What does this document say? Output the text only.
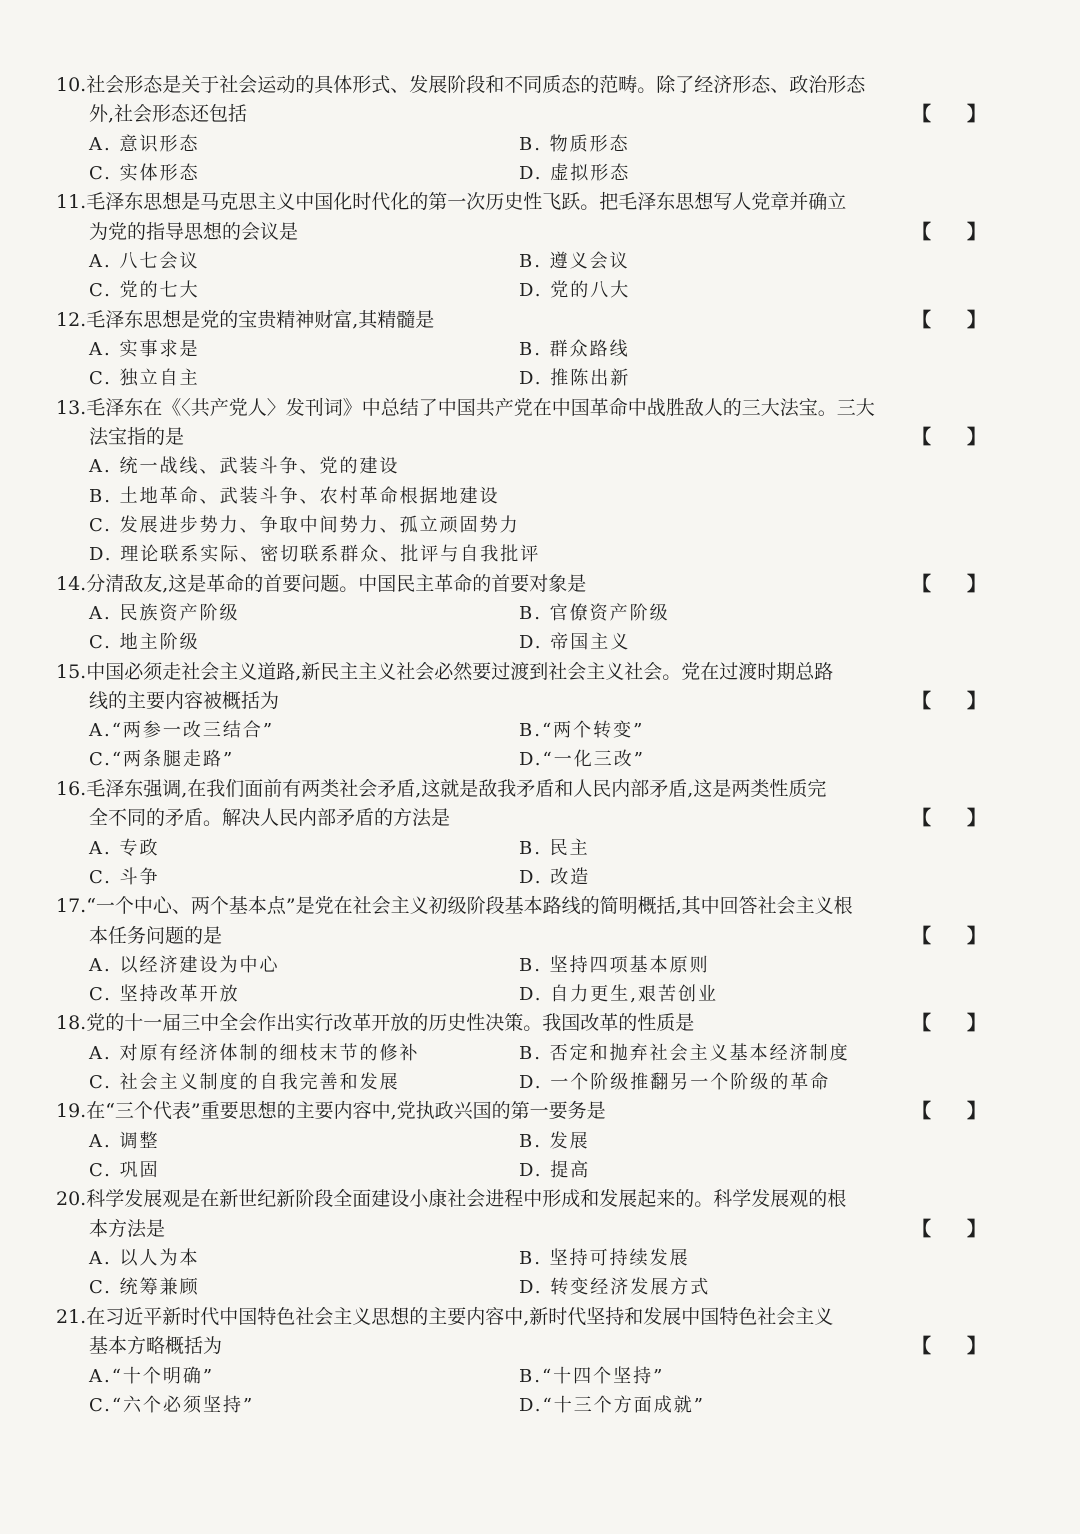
10.社会形态是关于社会运动的具体形式、发展阶段和不同质态的范畴。除了经济形态、政治形态
外,社会形态还包括	【】
A. 意识形态	B. 物质形态
C. 实体形态	D. 虚拟形态
11.毛泽东思想是马克思主义中国化时代化的第一次历史性飞跃。把毛泽东思想写人党章并确立
为党的指导思想的会议是	【】
A. 八七会议	B. 遵义会议
C. 党的七大	D. 党的八大
12.毛泽东思想是党的宝贵精神财富,其精髓是	【】
A. 实事求是	B. 群众路线
C. 独立自主	D. 推陈出新
13.毛泽东在《〈共产党人〉发刊词》中总结了中国共产党在中国革命中战胜敌人的三大法宝。三大
法宝指的是	【】
A. 统一战线、武装斗争、党的建设
B. 土地革命、武装斗争、农村革命根据地建设
C. 发展进步势力、争取中间势力、孤立顽固势力
D. 理论联系实际、密切联系群众、批评与自我批评
14.分清敌友,这是革命的首要问题。中国民主革命的首要对象是	【】
A. 民族资产阶级	B. 官僚资产阶级
C. 地主阶级	D. 帝国主义
15.中国必须走社会主义道路,新民主主义社会必然要过渡到社会主义社会。党在过渡时期总路
线的主要内容被概括为	【】
A.“两参一改三结合”	B.“两个转变”
C.“两条腿走路”	D.“一化三改”
16.毛泽东强调,在我们面前有两类社会矛盾,这就是敌我矛盾和人民内部矛盾,这是两类性质完
全不同的矛盾。解决人民内部矛盾的方法是	【】
A. 专政	B. 民主
C. 斗争	D. 改造
17.“一个中心、两个基本点”是党在社会主义初级阶段基本路线的简明概括,其中回答社会主义根
本任务问题的是	【】
A. 以经济建设为中心	B. 坚持四项基本原则
C. 坚持改革开放	D. 自力更生,艰苦创业
18.党的十一届三中全会作出实行改革开放的历史性决策。我国改革的性质是	【】
A. 对原有经济体制的细枝末节的修补	B. 否定和抛弃社会主义基本经济制度
C. 社会主义制度的自我完善和发展	D. 一个阶级推翻另一个阶级的革命
19.在“三个代表”重要思想的主要内容中,党执政兴国的第一要务是	【】
A. 调整	B. 发展
C. 巩固	D. 提高
20.科学发展观是在新世纪新阶段全面建设小康社会进程中形成和发展起来的。科学发展观的根
本方法是	【】
A. 以人为本	B. 坚持可持续发展
C. 统筹兼顾	D. 转变经济发展方式
21.在习近平新时代中国特色社会主义思想的主要内容中,新时代坚持和发展中国特色社会主义
基本方略概括为	【】
A.“十个明确”	B.“十四个坚持”
C.“六个必须坚持”	D.“十三个方面成就”
